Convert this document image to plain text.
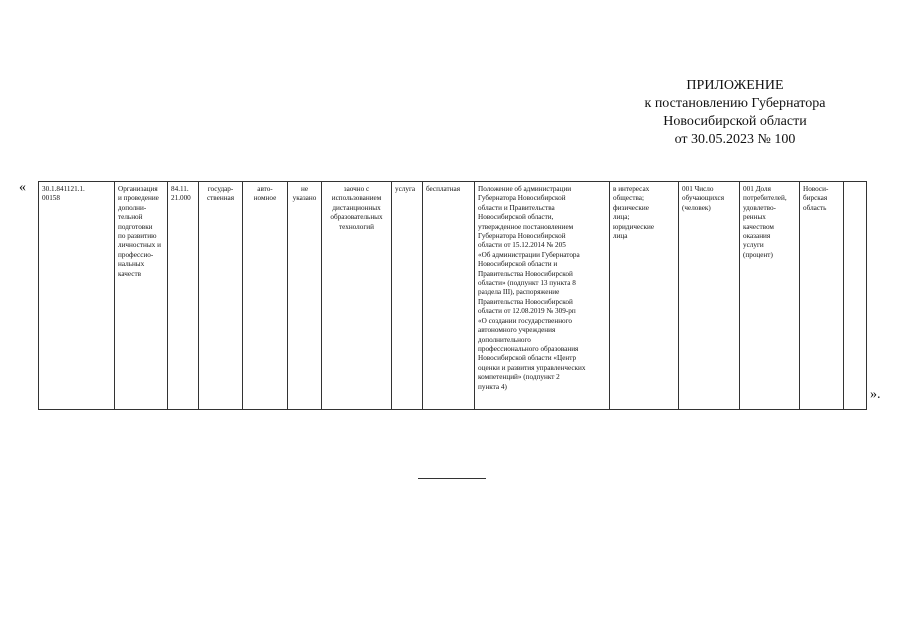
ПРИЛОЖЕНИЕ
к постановлению Губернатора
Новосибирской области
от 30.05.2023 № 100
« 30.1.841121.1.
00158	Организация
и проведение
дополни-
тельной
подготовки
по развитию
личностных и
профессио-
нальных
качеств	84.11.
21.000	государ-
ственная	авто-
номное	не
указано	заочно с
использованием
дистанционных
образовательных
технологий	услуга	бесплатная	Положение об администрации
Губернатора Новосибирской
области и Правительства
Новосибирской области,
утвержденное постановлением
Губернатора Новосибирской
области от 15.12.2014 № 205
«Об администрации Губернатора
Новосибирской области и
Правительства Новосибирской
области» (подпункт 13 пункта 8
раздела III), распоряжение
Правительства Новосибирской
области от 12.08.2019 № 309-рп
«О создании государственного
автономного учреждения
дополнительного
профессионального образования
Новосибирской области «Центр
оценки и развития управленческих
компетенций» (подпункт 2
пункта 4)	в интересах
общества;
физические
лица;
юридические
лица	001 Число
обучающихся
(человек)	001 Доля
потребителей,
удовлетво-
ренных
качеством
оказания
услуги
(процент)	Новоси-
бирская
область	
».
